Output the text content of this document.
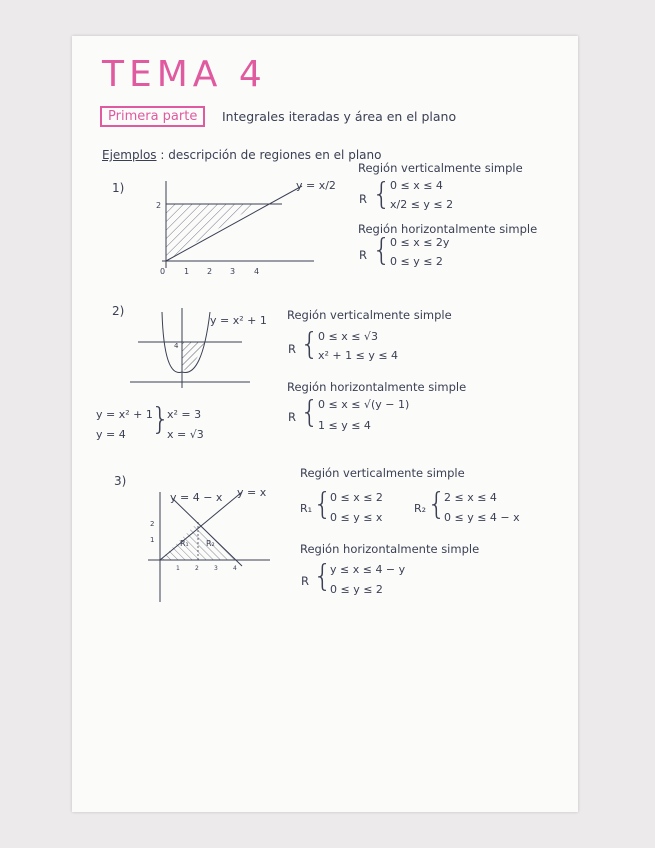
TEMA 4
Primera parte	Integrales iteradas y área en el plano
Ejemplos : descripción de regiones en el plano
1)
2
0 1 2 3 4
y = x/2
Región verticalmente simple
R {
0 ≤ x ≤ 4
x/2 ≤ y ≤ 2
Región horizontalmente simple
R {
0 ≤ x ≤ 2y
0 ≤ y ≤ 2
2)
4
y = x² + 1 Región verticalmente simple
R {
0 ≤ x ≤ √3
x² + 1 ≤ y ≤ 4
Región horizontalmente simple
R {
0 ≤ x ≤ √(y − 1)
1 ≤ y ≤ 4
y = x² + 1
y = 4 }
x² = 3
x = √3
3)
R₁ R₂
2
1
1	2	3	4
y = 4 − x y = x
Región verticalmente simple
R₁ {
0 ≤ x ≤ 2
0 ≤ y ≤ x
R₂ {
2 ≤ x ≤ 4
0 ≤ y ≤ 4 − x
Región horizontalmente simple
R {
y ≤ x ≤ 4 − y
0 ≤ y ≤ 2
